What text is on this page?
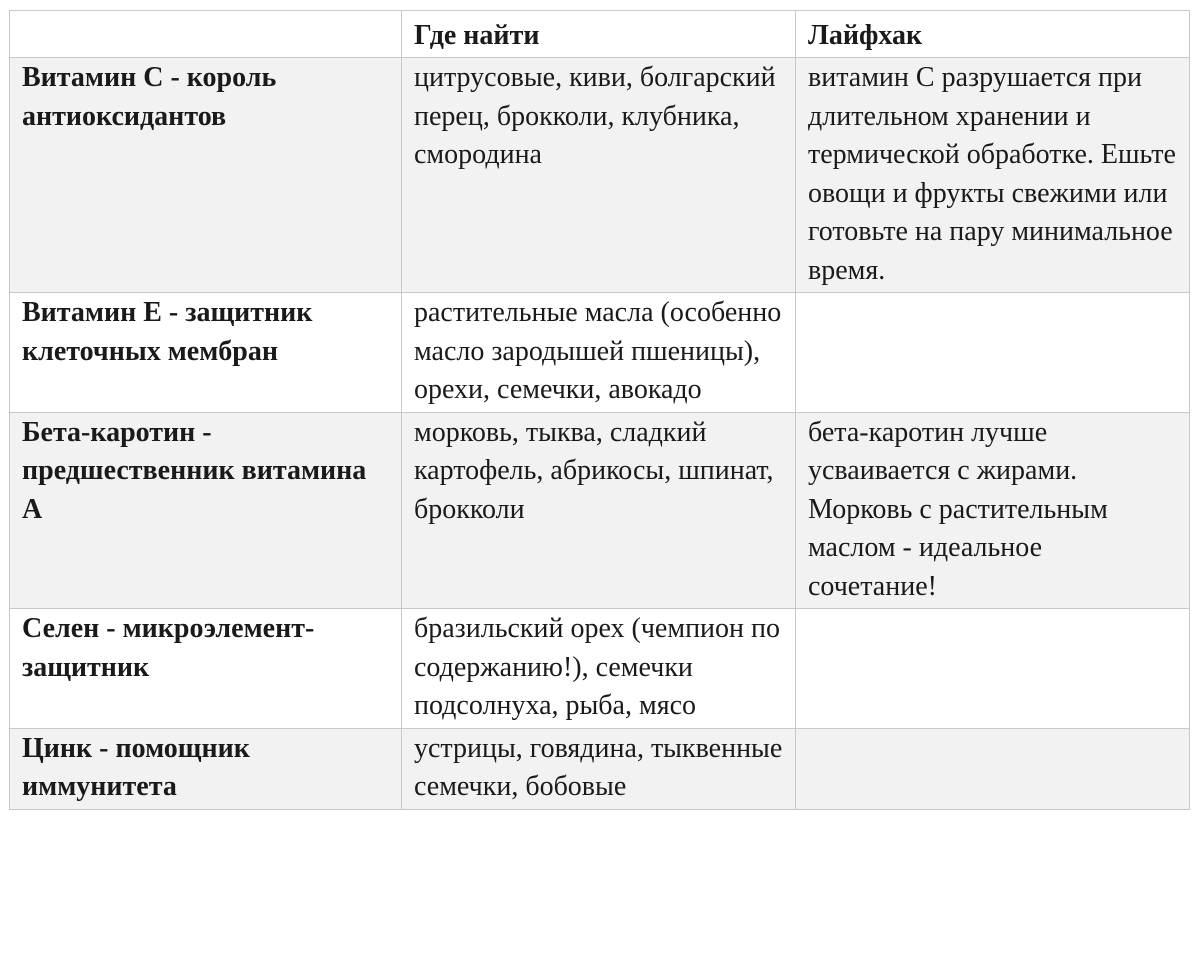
	Где найти	Лайфхак
Витамин С - король антиоксидантов	цитрусовые, киви, болгарский перец, брокколи, клубника, смородина	витамин С разрушается при длительном хранении и термической обработке. Ешьте овощи и фрукты свежими или готовьте на пару минимальное время.
Витамин Е - защитник клеточных мембран	растительные масла (особенно масло зародышей пшеницы), орехи, семечки, авокадо	
Бета-каротин - предшественник витамина А	морковь, тыква, сладкий картофель, абрикосы, шпинат, брокколи	бета-каротин лучше усваивается с жирами. Морковь с растительным маслом - идеальное сочетание!
Селен - микроэлемент-защитник	бразильский орех (чемпион по содержанию!), семечки подсолнуха, рыба, мясо	
Цинк - помощник иммунитета	устрицы, говядина, тыквенные семечки, бобовые	
